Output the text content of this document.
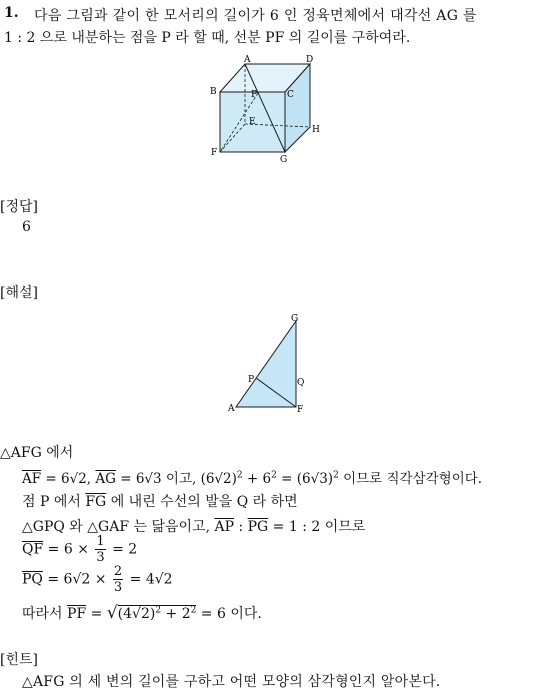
1. 다음 그림과 같이 한 모서리의 길이가 6 인 정육면체에서 대각선 AG 를
1 : 2 으로 내분하는 점을 P 라 할 때, 선분 PF 의 길이를 구하여라.
A
B	C
D
E
F
G
H
P
[정답]
6
[해설]
G
P	Q
A	F
△AFG 에서
$\overline{AF} = 6√2$, $\overline{AG} = 6√3$ 이고, $(6√2)^2 + 6^2 = (6√3)^2$ 이므로 직각삼각형이다.
점 P 에서 $\overline{FG}$ 에 내린 수선의 발을 Q 라 하면
△GPQ 와 △GAF 는 닮음이고, $\overline{AP}$ : $\overline{PG} = 1$ : 2 이므로
$\overline{QF} = 6 \times \frac{1}{3} = 2$
$\overline{PQ} = 6√2 \times \frac{2}{3} = 4√2$
따라서 $\overline{PF} = √(4√2)^2 + 2^2 = 6$ 이다.
[힌트]
△AFG 의 세 변의 길이를 구하고 어떤 모양의 삼각형인지 알아본다.
